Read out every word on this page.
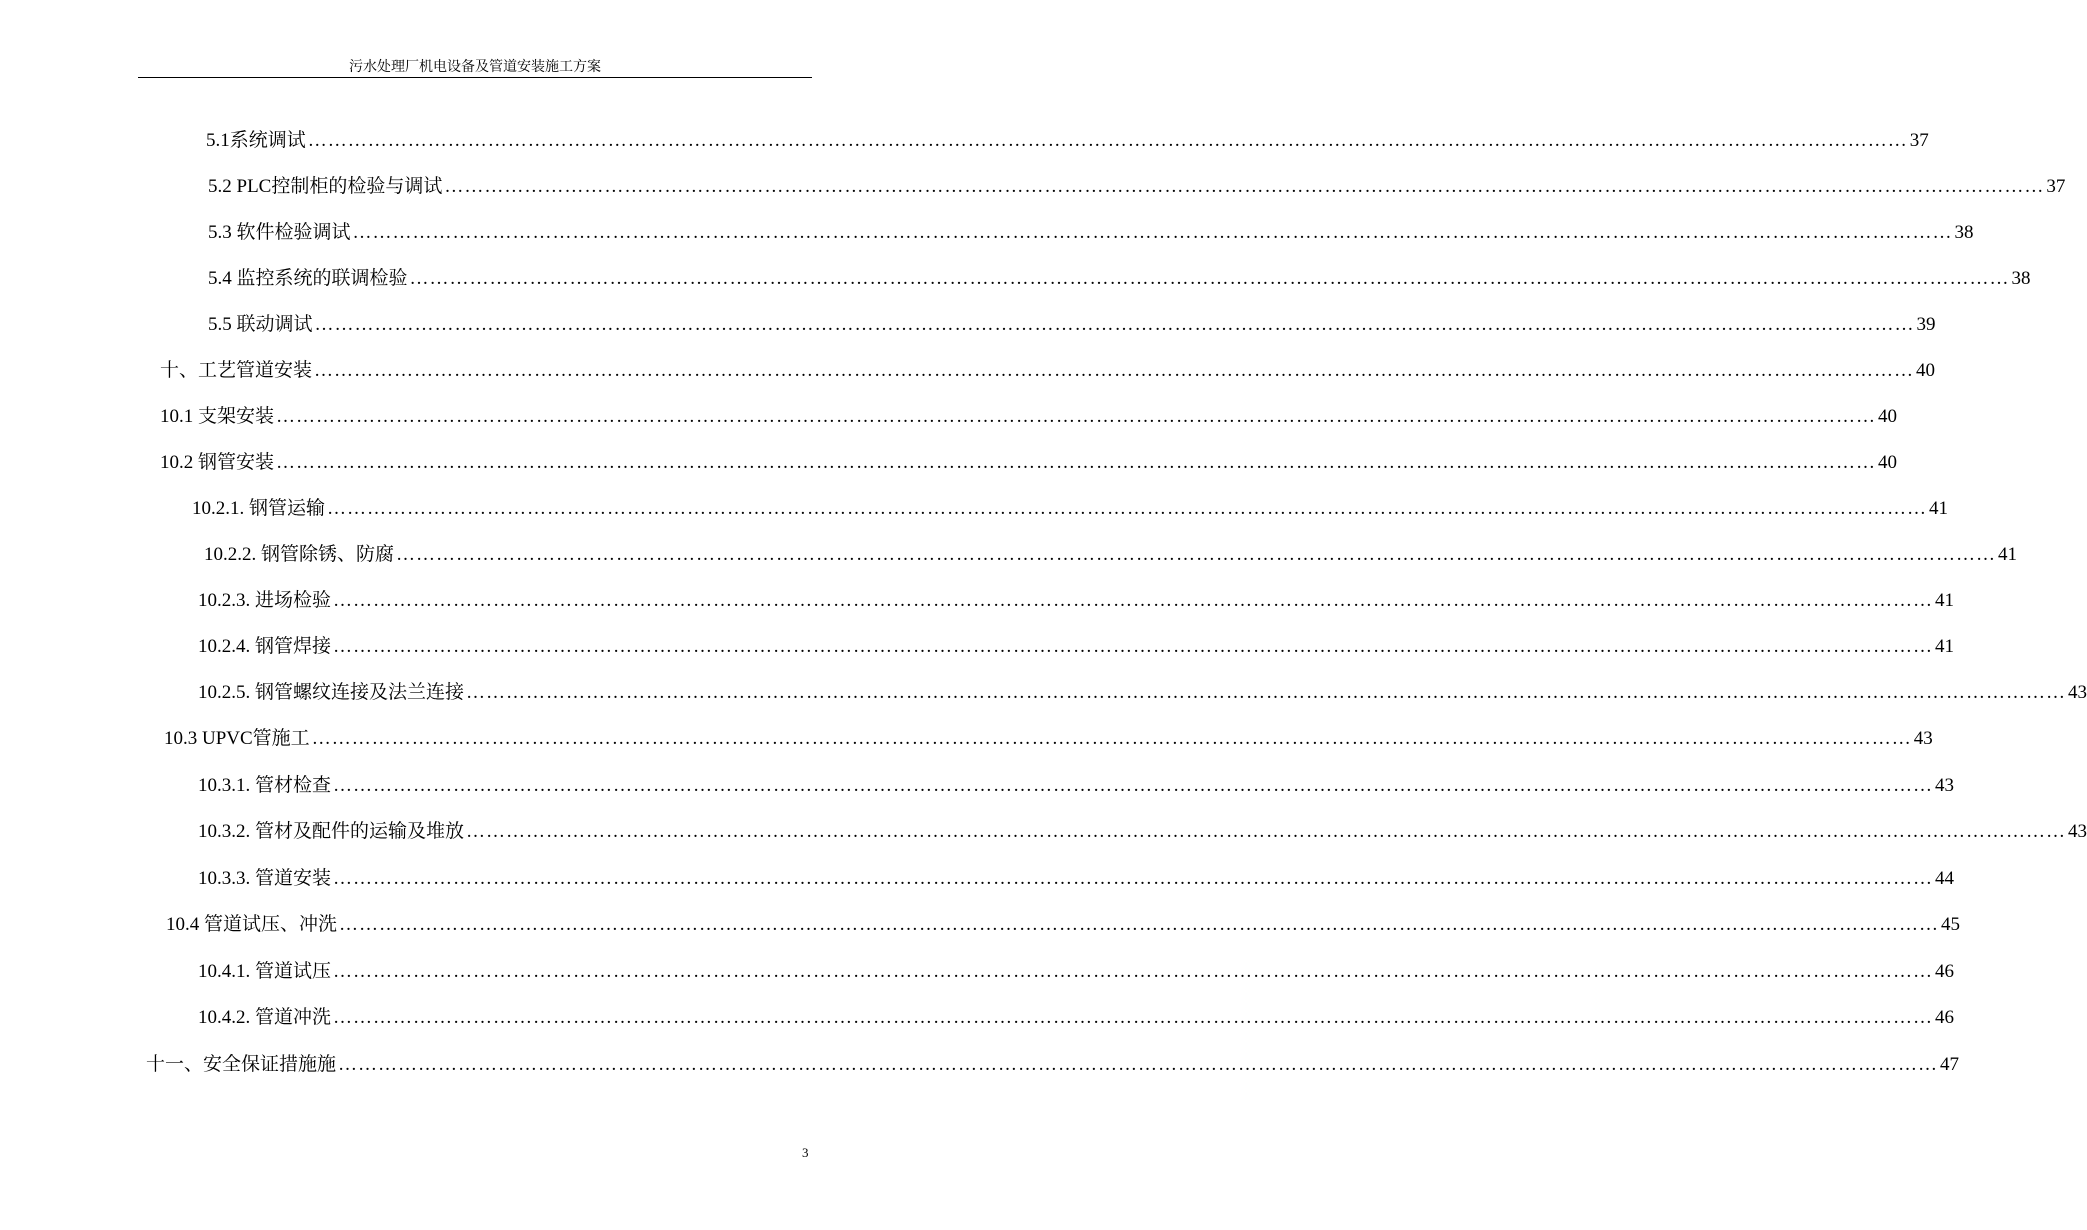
污水处理厂机电设备及管道安装施工方案
5.1系统调试 …………………………………………………………………………………………………………………………………………………………………………………………………………………… 37
5.2 PLC控制柜的检验与调试 …………………………………………………………………………………………………………………………………………………………………………………………………………………… 37
5.3 软件检验调试 …………………………………………………………………………………………………………………………………………………………………………………………………………………… 38
5.4 监控系统的联调检验 …………………………………………………………………………………………………………………………………………………………………………………………………………………… 38
5.5 联动调试 …………………………………………………………………………………………………………………………………………………………………………………………………………………… 39
十、工艺管道安装 …………………………………………………………………………………………………………………………………………………………………………………………………………………… 40
10.1 支架安装 …………………………………………………………………………………………………………………………………………………………………………………………………………………… 40
10.2 钢管安装 …………………………………………………………………………………………………………………………………………………………………………………………………………………… 40
10.2.1. 钢管运输 …………………………………………………………………………………………………………………………………………………………………………………………………………………… 41
10.2.2. 钢管除锈、防腐 …………………………………………………………………………………………………………………………………………………………………………………………………………………… 41
10.2.3. 进场检验 …………………………………………………………………………………………………………………………………………………………………………………………………………………… 41
10.2.4. 钢管焊接 …………………………………………………………………………………………………………………………………………………………………………………………………………………… 41
10.2.5. 钢管螺纹连接及法兰连接 …………………………………………………………………………………………………………………………………………………………………………………………………………………… 43
10.3 UPVC管施工 …………………………………………………………………………………………………………………………………………………………………………………………………………………… 43
10.3.1. 管材检查 …………………………………………………………………………………………………………………………………………………………………………………………………………………… 43
10.3.2. 管材及配件的运输及堆放 …………………………………………………………………………………………………………………………………………………………………………………………………………………… 43
10.3.3. 管道安装 …………………………………………………………………………………………………………………………………………………………………………………………………………………… 44
10.4 管道试压、冲洗 …………………………………………………………………………………………………………………………………………………………………………………………………………………… 45
10.4.1. 管道试压 …………………………………………………………………………………………………………………………………………………………………………………………………………………… 46
10.4.2. 管道冲洗 …………………………………………………………………………………………………………………………………………………………………………………………………………………… 46
十一、安全保证措施施 …………………………………………………………………………………………………………………………………………………………………………………………………………………… 47
3
